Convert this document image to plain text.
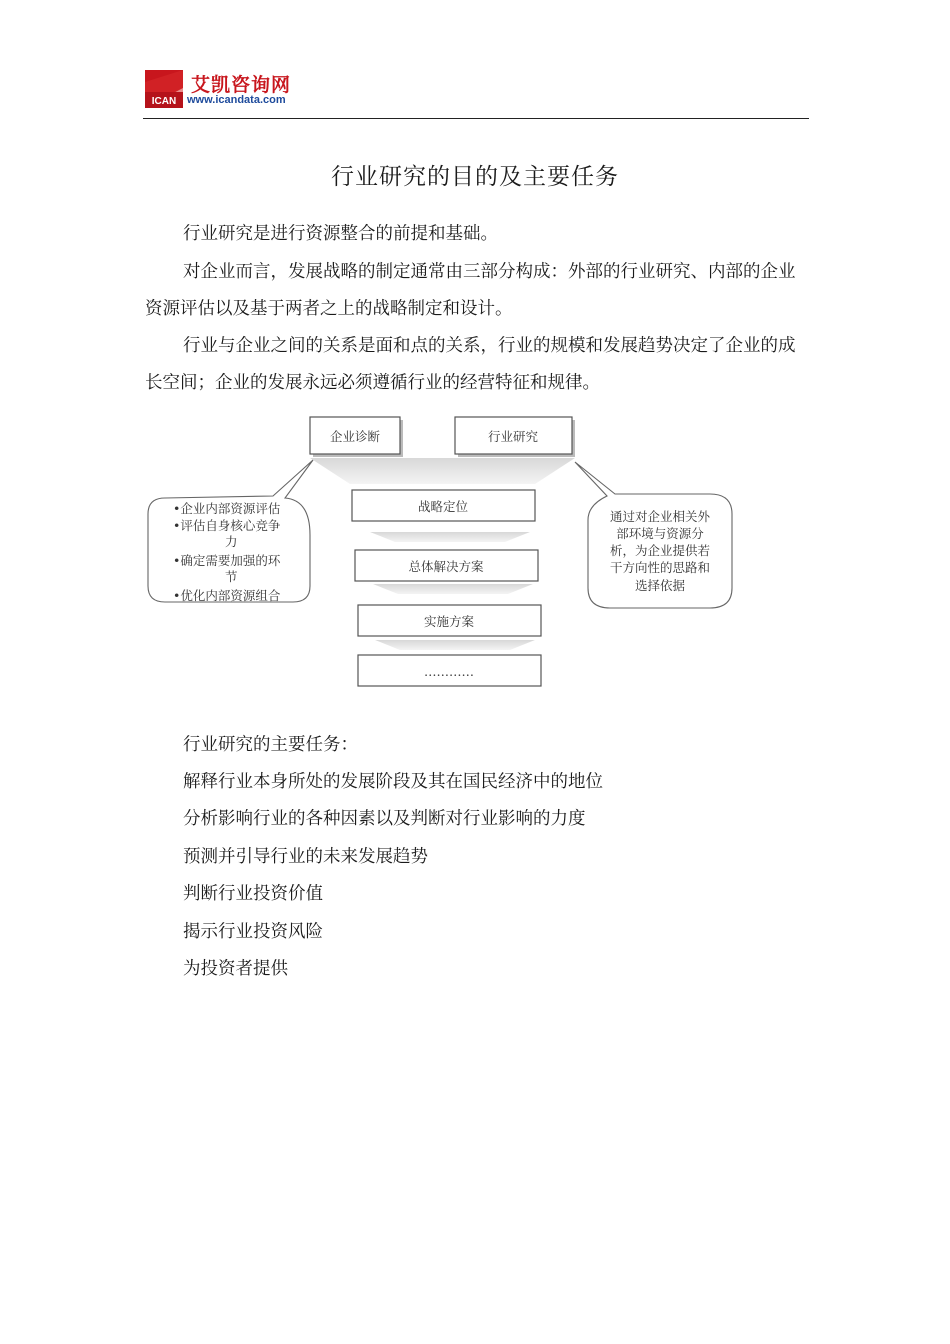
ICAN
艾凯咨询网
www.icandata.com
行业研究的目的及主要任务

行业研究是进行资源整合的前提和基础。

对企业而言，发展战略的制定通常由三部分构成：外部的行业研究、内部的企业资源评估以及基于两者之上的战略制定和设计。

行业与企业之间的关系是面和点的关系，行业的规模和发展趋势决定了企业的成长空间；企业的发展永远必须遵循行业的经营特征和规律。

企业诊断	行业研究
战略定位
总体解决方案
实施方案
…………
•企业内部资源评估
•评估自身核心竞争
力
•确定需要加强的环
节
•优化内部资源组合
通过对企业相关外
部环境与资源分
析，为企业提供若
干方向性的思路和
选择依据
行业研究的主要任务：
解释行业本身所处的发展阶段及其在国民经济中的地位
分析影响行业的各种因素以及判断对行业影响的力度
预测并引导行业的未来发展趋势
判断行业投资价值
揭示行业投资风险
为投资者提供
